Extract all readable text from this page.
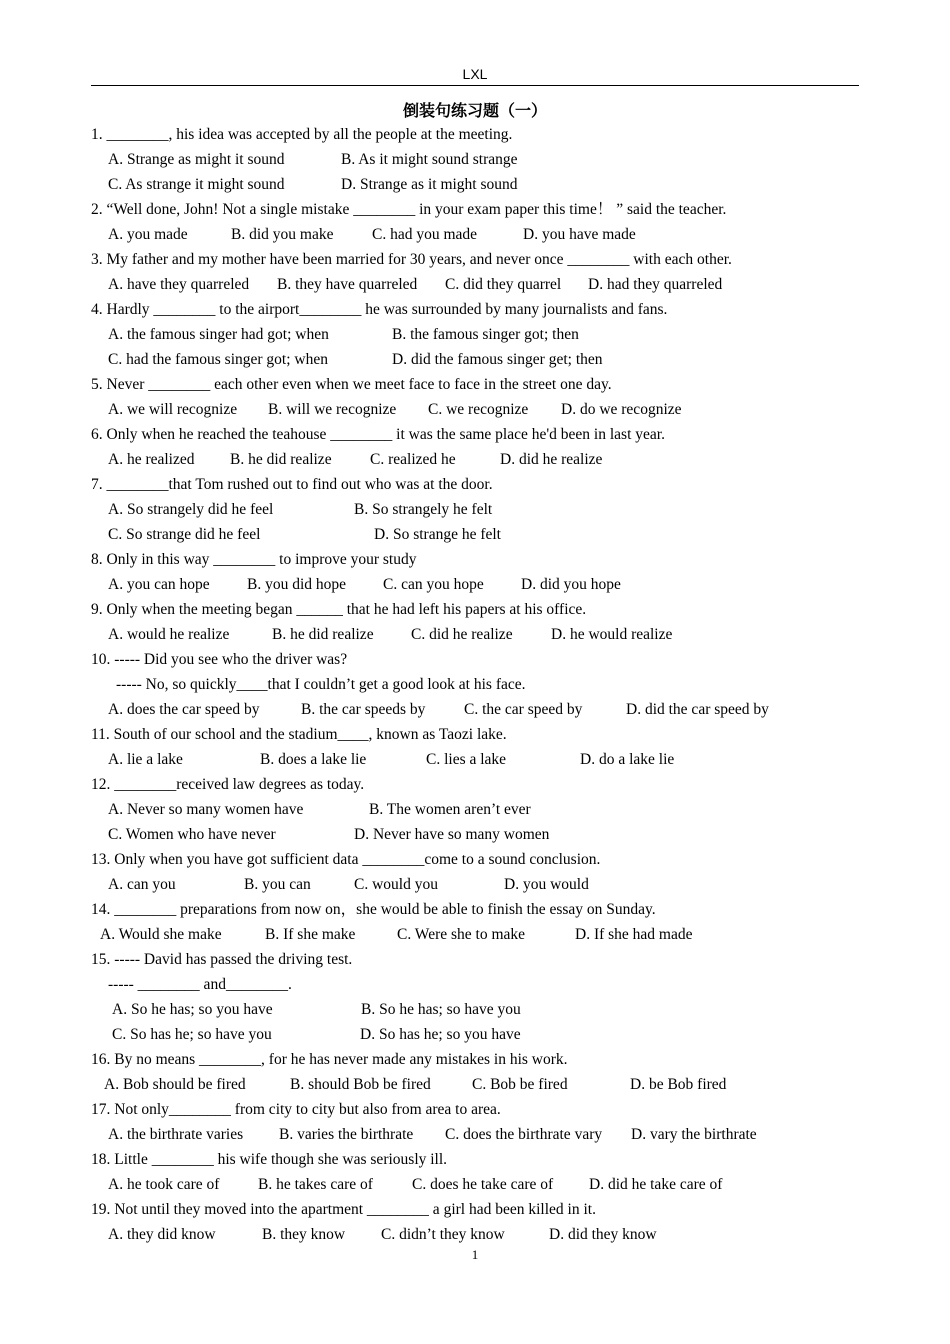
LXL
倒装句练习题（一）
1. ________, his idea was accepted by all the people at the meeting.
A. Strange as might it sound	B. As it might sound strange
C. As strange it might sound	D. Strange as it might sound
2. “Well done, John! Not a single mistake ________ in your exam paper this time！ ” said the teacher.
A. you made	B. did you make C. had you made	D. you have made
3. My father and my mother have been married for 30 years, and never once ________ with each other.
A. have they quarreled B. they have quarreled C. did they quarrel D. had they quarreled
4. Hardly ________ to the airport________ he was surrounded by many journalists and fans.
A. the famous singer had got; when	B. the famous singer got; then
C. had the famous singer got; when	D. did the famous singer get; then
5. Never ________ each other even when we meet face to face in the street one day.
A. we will recognize B. will we recognize C. we recognize D. do we recognize
6. Only when he reached the teahouse ________ it was the same place he'd been in last year.
A. he realized B. he did realize C. realized he	D. did he realize
7. ________that Tom rushed out to find out who was at the door.
A. So strangely did he feel	B. So strangely he felt
C. So strange did he feel	D. So strange he felt
8. Only in this way ________ to improve your study
A. you can hope B. you did hope C. can you hope D. did you hope
9. Only when the meeting began ______ that he had left his papers at his office.
A. would he realize	B. he did realize C. did he realize D. he would realize
10. ----- Did you see who the driver was?
----- No, so quickly____that I couldn’t get a good look at his face.
A. does the car speed by	B. the car speeds by C. the car speed by	D. did the car speed by
11. South of our school and the stadium____, known as Taozi lake.
A. lie a lake	B. does a lake lie	C. lies a lake	D. do a lake lie
12. ________received law degrees as today.
A. Never so many women have	B. The women aren’t ever
C. Women who have never	D. Never have so many women
13. Only when you have got sufficient data ________come to a sound conclusion.
A. can you	B. you can	C. would you	D. you would
14. ________ preparations from now on，she would be able to finish the essay on Sunday.
A. Would she make	B. If she make	C. Were she to make	D. If she had made
15. ----- David has passed the driving test.
----- ________ and________.
A. So he has; so you have	B. So he has; so have you
C. So has he; so have you	D. So has he; so you have
16. By no means ________, for he has never made any mistakes in his work.
A. Bob should be fired	B. should Bob be fired	C. Bob be fired	D. be Bob fired
17. Not only________ from city to city but also from area to area.
A. the birthrate varies B. varies the birthrate C. does the birthrate vary D. vary the birthrate
18. Little ________ his wife though she was seriously ill.
A. he took care of B. he takes care of	C. does he take care of D. did he take care of
19. Not until they moved into the apartment ________ a girl had been killed in it.
A. they did know	B. they know C. didn’t they know	D. did they know
1
